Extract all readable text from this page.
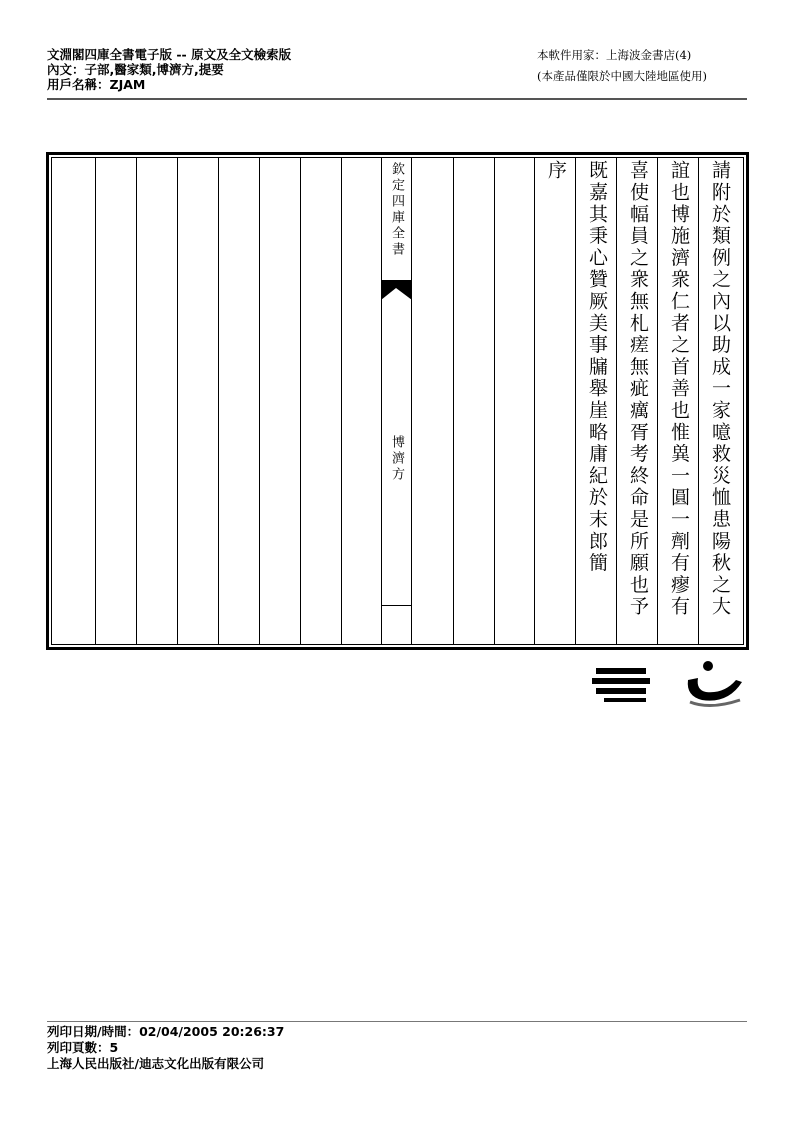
文淵閣四庫全書電子版 -- 原文及全文檢索版
內文：子部,醫家類,博濟方,提要
用戶名稱：ZJAM
本軟件用家：上海波金書店(4)
(本產品僅限於中國大陸地區使用)
欽定四庫全書
博濟方	請附於類例之內以助成一家噫救災恤患陽秋之大
誼也博施濟衆仁者之首善也惟兾一圓一劑有瘳有
喜使幅員之衆無札瘥無疵癘胥考終命是所願也予
既嘉其秉心贊厥美事牖舉崖略庸紀於末郎簡
序
列印日期/時間：02/04/2005 20:26:37
列印頁數：5
上海人民出版社/迪志文化出版有限公司
